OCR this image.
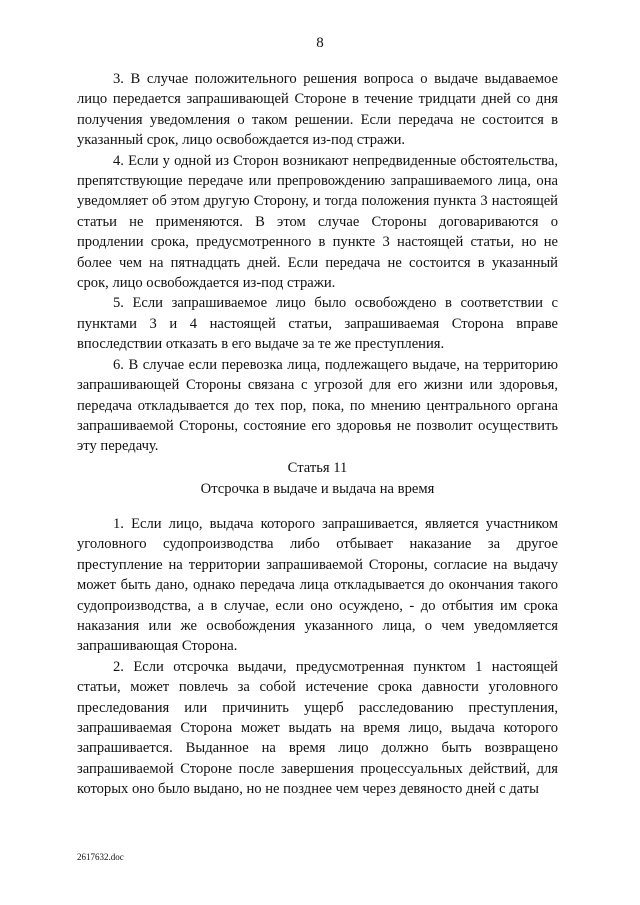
8

3. В случае положительного решения вопроса о выдаче выдаваемое лицо передается запрашивающей Стороне в течение тридцати дней со дня получения уведомления о таком решении. Если передача не состоится в указанный срок, лицо освобождается из-под стражи.

4. Если у одной из Сторон возникают непредвиденные обстоятельства, препятствующие передаче или препровождению запрашиваемого лица, она уведомляет об этом другую Сторону, и тогда положения пункта 3 настоящей статьи не применяются. В этом случае Стороны договариваются о продлении срока, предусмотренного в пункте 3 настоящей статьи, но не более чем на пятнадцать дней. Если передача не состоится в указанный срок, лицо освобождается из-под стражи.

5. Если запрашиваемое лицо было освобождено в соответствии с пунктами 3 и 4 настоящей статьи, запрашиваемая Сторона вправе впоследствии отказать в его выдаче за те же преступления.

6. В случае если перевозка лица, подлежащего выдаче, на территорию запрашивающей Стороны связана с угрозой для его жизни или здоровья, передача откладывается до тех пор, пока, по мнению центрального органа запрашиваемой Стороны, состояние его здоровья не позволит осуществить эту передачу.

Статья 11
Отсрочка в выдаче и выдача на время

1. Если лицо, выдача которого запрашивается, является участником уголовного судопроизводства либо отбывает наказание за другое преступление на территории запрашиваемой Стороны, согласие на выдачу может быть дано, однако передача лица откладывается до окончания такого судопроизводства, а в случае, если оно осуждено, - до отбытия им срока наказания или же освобождения указанного лица, о чем уведомляется запрашивающая Сторона.

2. Если отсрочка выдачи, предусмотренная пунктом 1 настоящей статьи, может повлечь за собой истечение срока давности уголовного преследования или причинить ущерб расследованию преступления, запрашиваемая Сторона может выдать на время лицо, выдача которого запрашивается. Выданное на время лицо должно быть возвращено запрашиваемой Стороне после завершения процессуальных действий, для которых оно было выдано, но не позднее чем через девяносто дней с даты

2617632.doc
